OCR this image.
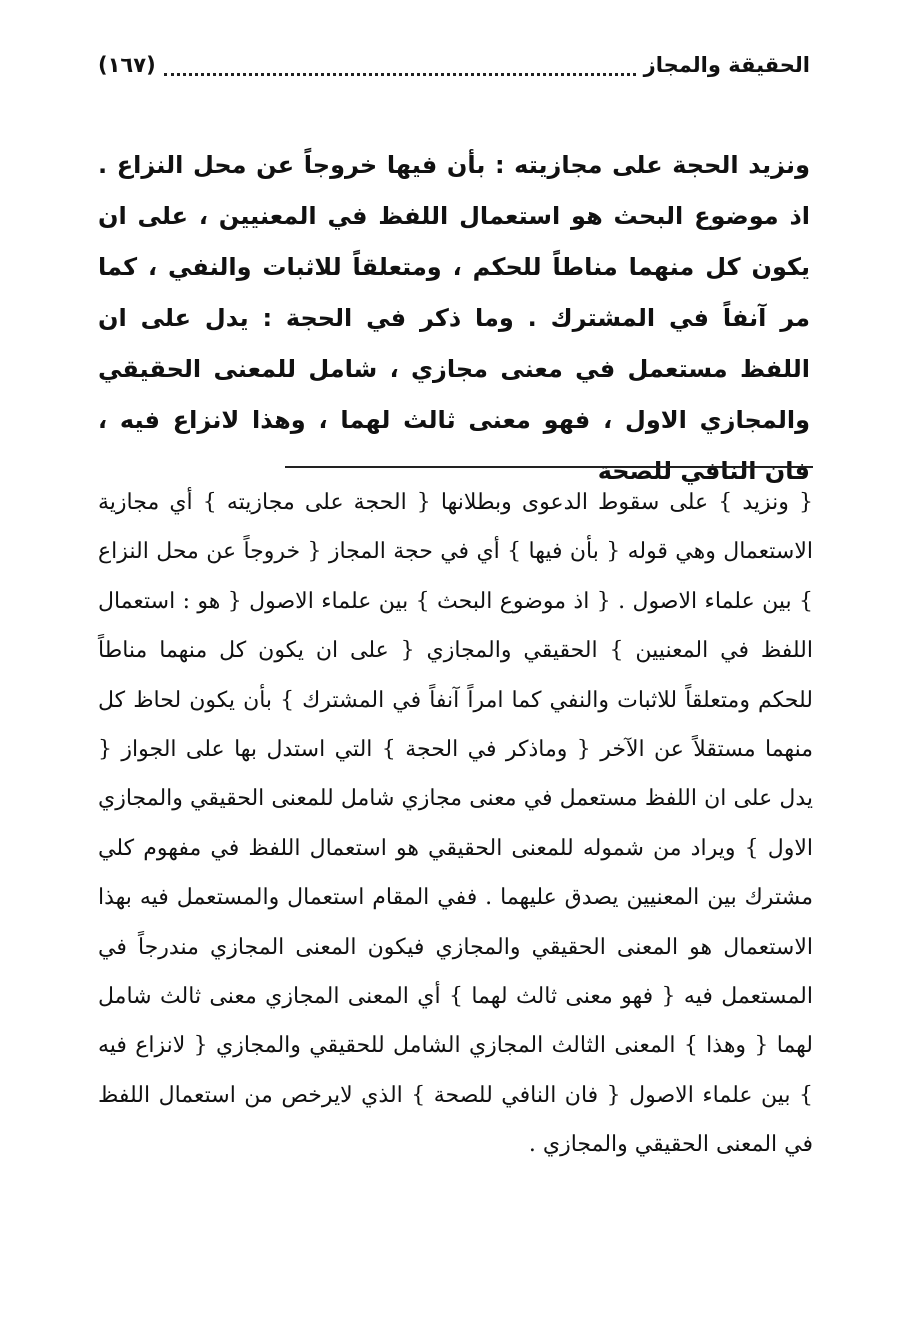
الحقيقة والمجاز
(١٦٧)

ونزيد الحجة على مجازيته : بأن فيها خروجاً عن محل النزاع . اذ موضوع البحث هو استعمال اللفظ في المعنيين ، على ان يكون كل منهما مناطاً للحكم ، ومتعلقاً للاثبات والنفي ، كما مر آنفاً في المشترك . وما ذكر في الحجة : يدل على ان اللفظ مستعمل في معنى مجازي ، شامل للمعنى الحقيقي والمجازي الاول ، فهو معنى ثالث لهما ، وهذا لانزاع فيه ، فان النافي للصحة

{ ونزيد } على سقوط الدعوى وبطلانها { الحجة على مجازيته } أي مجازية الاستعمال وهي قوله { بأن فيها } أي في حجة المجاز { خروجاً عن محل النزاع } بين علماء الاصول . { اذ موضوع البحث } بين علماء الاصول { هو : استعمال اللفظ في المعنيين } الحقيقي والمجازي { على ان يكون كل منهما مناطاً للحكم ومتعلقاً للاثبات والنفي كما امراً آنفاً في المشترك } بأن يكون لحاظ كل منهما مستقلاً عن الآخر { وماذكر في الحجة } التي استدل بها على الجواز { يدل على ان اللفظ مستعمل في معنى مجازي شامل للمعنى الحقيقي والمجازي الاول } ويراد من شموله للمعنى الحقيقي هو استعمال اللفظ في مفهوم كلي مشترك بين المعنيين يصدق عليهما . ففي المقام استعمال والمستعمل فيه بهذا الاستعمال هو المعنى الحقيقي والمجازي فيكون المعنى المجازي مندرجاً في المستعمل فيه { فهو معنى ثالث لهما } أي المعنى المجازي معنى ثالث شامل لهما { وهذا } المعنى الثالث المجازي الشامل للحقيقي والمجازي { لانزاع فيه } بين علماء الاصول { فان النافي للصحة } الذي لايرخص من استعمال اللفظ في المعنى الحقيقي والمجازي .
